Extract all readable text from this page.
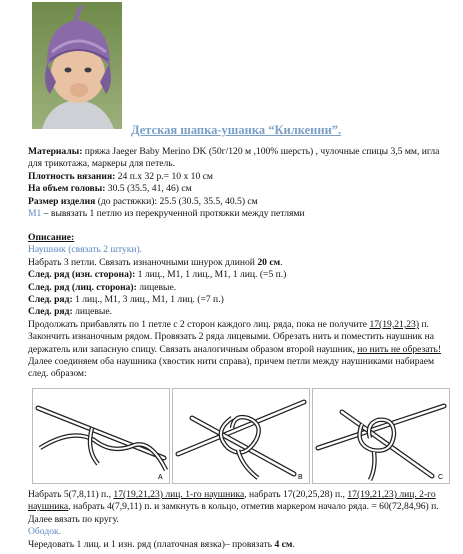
Детская шапка-ушанка “Килкенни”.
Материалы: пряжа Jaeger Baby Merino DK (50г/120 м ,100% шерсть) , чулочные спицы 3,5 мм, игла для трикотажа, маркеры для петель.
Плотность вязания: 24 п.х 32 р.= 10 х 10 см
На объем головы: 30.5 (35.5, 41, 46) см
Размер изделия (до растяжки): 25.5 (30.5, 35.5, 40.5) см
М1 – вывязать 1 петлю из перекрученной протяжки между петлями
Описание:
Наушник (связать 2 штуки).
Набрать 3 петли. Связать изнаночными шнурок длиной 20 см.
След. ряд (изн. сторона): 1 лиц., М1, 1 лиц., М1, 1 лиц. (=5 п.)
След. ряд (лиц. сторона): лицевые.
След. ряд: 1 лиц., М1, 3 лиц., М1, 1 лиц. (=7 п.)
След. ряд: лицевые.
Продолжать прибавлять по 1 петле с 2 сторон каждого лиц. ряда, пока не получите 17(19,21,23) п. Закончить изнаночным рядом. Провязать 2 ряда лицевыми. Обрезать нить и поместить наушник на держатель или запасную спицу. Связать аналогичным образом второй наушник, но нить не обрезать!
Далее соединяем оба наушника (хвостик нити справа), причем петли между наушниками набираем след. образом:
A	B	C
Набрать 5(7,8,11) п., 17(19,21,23) лиц. 1-го наушника, набрать 17(20,25,28) п., 17(19,21,23) лиц. 2-го наушника, набрать 4(7,9,11) п. и замкнуть в кольцо, отметив маркером начало ряда. = 60(72,84,96) п. Далее вязать по кругу.
Ободок.
Чередовать 1 лиц. и 1 изн. ряд (платочная вязка)– провязать 4 см.
